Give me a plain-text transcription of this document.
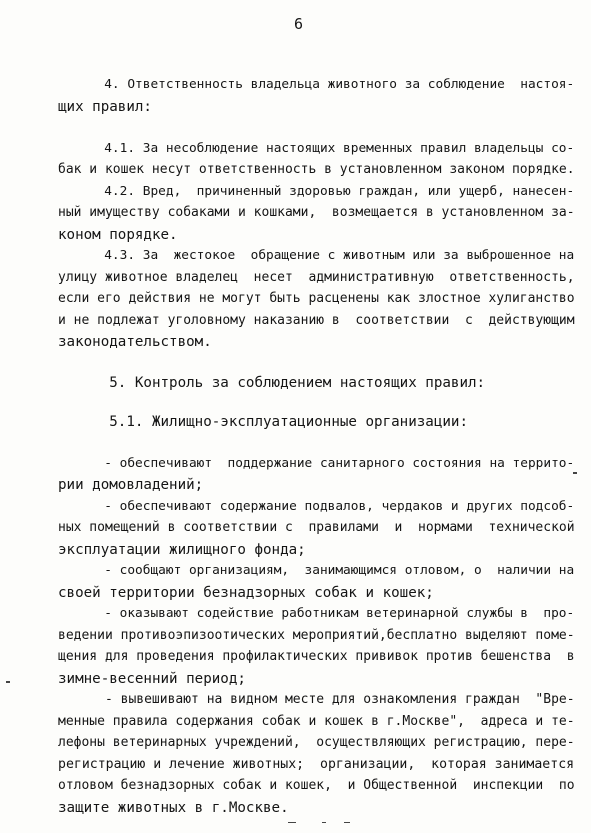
6
4. Ответственность владельца животного за соблюдение  настоя-
щих правил:
4.1. За несоблюдение настоящих временных правил владельцы со-
бак и кошек несут ответственность в установленном законом порядке.
4.2. Вред,  причиненный здоровью граждан, или ущерб, нанесен-
ный имуществу собаками и кошками,  возмещается в установленном за-
коном порядке.
4.3. За  жестокое  обращение с животным или за выброшенное на
улицу животное владелец  несет  административную  ответственность,
если его действия не могут быть расценены как злостное хулиганство
и не подлежат уголовному наказанию в  соответствии  с  действующим
законодательством.
5. Контроль за соблюдением настоящих правил:
5.1. Жилищно-эксплуатационные организации:
- обеспечивают  поддержание санитарного состояния на террито-
рии домовладений;
- обеспечивают содержание подвалов, чердаков и других подсоб-
ных помещений в соответствии с  правилами  и  нормами  технической
эксплуатации жилищного фонда;
- сообщают организациям,  занимающимся отловом, о  наличии на
своей территории безнадзорных собак и кошек;
- оказывают содействие работникам ветеринарной службы в  про-
ведении противоэпизоотических мероприятий,бесплатно выделяют поме-
щения для проведения профилактических прививок против бешенства  в
зимне-весенний период;
- вывешивают на видном месте для ознакомления граждан  "Вре-
менные правила содержания собак и кошек в г.Москве",  адреса и те-
лефоны ветеринарных учреждений,  осуществляющих регистрацию, пере-
регистрацию и лечение животных;  организации,  которая занимается
отловом безнадзорных собак и кошек,  и Общественной  инспекции  по
защите животных в г.Москве.
